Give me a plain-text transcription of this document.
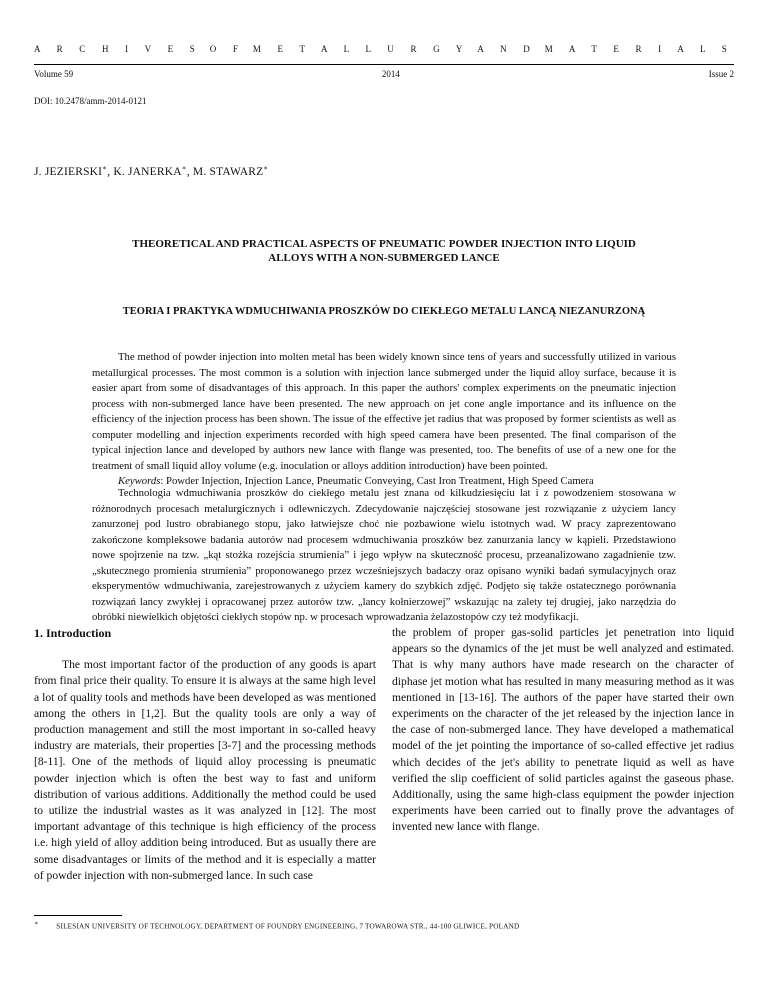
A R C H I V E S O F M E T A L L U R G Y A N D M A T E R I A L S
Volume 59	2014	Issue 2
DOI: 10.2478/amm-2014-0121
J. JEZIERSKI∗, K. JANERKA∗, M. STAWARZ∗
THEORETICAL AND PRACTICAL ASPECTS OF PNEUMATIC POWDER INJECTION INTO LIQUID
ALLOYS WITH A NON-SUBMERGED LANCE
TEORIA I PRAKTYKA WDMUCHIWANIA PROSZKÓW DO CIEKŁEGO METALU LANCĄ NIEZANURZONĄ

The method of powder injection into molten metal has been widely known since tens of years and successfully utilized in various metallurgical processes. The most common is a solution with injection lance submerged under the liquid alloy surface, because it is easier apart from some of disadvantages of this approach. In this paper the authors' complex experiments on the pneumatic injection process with non-submerged lance have been presented. The new approach on jet cone angle importance and its influence on the efficiency of the injection process has been shown. The issue of the effective jet radius that was proposed by former scientists as well as computer modelling and injection experiments recorded with high speed camera have been presented. The final comparison of the typical injection lance and developed by authors new lance with flange was presented, too. The benefits of use of a new one for the treatment of small liquid alloy volume (e.g. inoculation or alloys addition introduction) have been pointed.

Keywords: Powder Injection, Injection Lance, Pneumatic Conveying, Cast Iron Treatment, High Speed Camera

Technologia wdmuchiwania proszków do ciekłego metalu jest znana od kilkudziesięciu lat i z powodzeniem stosowana w różnorodnych procesach metalurgicznych i odlewniczych. Zdecydowanie najczęściej stosowane jest rozwiązanie z użyciem lancy zanurzonej pod lustro obrabianego stopu, jako łatwiejsze choć nie pozbawione wielu istotnych wad. W pracy zaprezentowano zakończone kompleksowe badania autorów nad procesem wdmuchiwania proszków bez zanurzania lancy w kąpieli. Przedstawiono nowe spojrzenie na tzw. „kąt stożka rozejścia strumienia” i jego wpływ na skuteczność procesu, przeanalizowano zagadnienie tzw. „skutecznego promienia strumienia” proponowanego przez wcześniejszych badaczy oraz opisano wyniki badań symulacyjnych oraz eksperymentów wdmuchiwania, zarejestrowanych z użyciem kamery do szybkich zdjęć. Podjęto się także ostatecznego porównania rozwiązań lancy zwykłej i opracowanej przez autorów tzw. „lancy kołnierzowej” wskazując na zalety tej drugiej, jako narzędzia do obróbki niewielkich objętości ciekłych stopów np. w procesach wprowadzania żelazostopów czy też modyfikacji.

1. Introduction

The most important factor of the production of any goods is apart from final price their quality. To ensure it is always at the same high level a lot of quality tools and methods have been developed as was mentioned among the others in [1,2]. But the quality tools are only a way of production management and still the most important in so-called heavy industry are materials, their properties [3-7] and the processing methods [8-11]. One of the methods of liquid alloy processing is pneumatic powder injection which is often the best way to fast and uniform distribution of various additions. Additionally the method could be used to utilize the industrial wastes as it was analyzed in [12]. The most important advantage of this technique is high efficiency of the process i.e. high yield of alloy addition being introduced. But as usually there are some disadvantages or limits of the method and it is especially a matter of powder injection with non-submerged lance. In such case

the problem of proper gas-solid particles jet penetration into liquid appears so the dynamics of the jet must be well analyzed and estimated. That is why many authors have made research on the character of diphase jet motion what has resulted in many measuring method as it was mentioned in [13-16]. The authors of the paper have started their own experiments on the character of the jet released by the injection lance in the case of non-submerged lance. They have developed a mathematical model of the jet pointing the importance of so-called effective jet radius which decides of the jet's ability to penetrate liquid as well as have verified the slip coefficient of solid particles against the gaseous phase. Additionally, using the same high-class equipment the powder injection experiments have been carried out to finally prove the advantages of invented new lance with flange.

∗	SILESIAN UNIVERSITY OF TECHNOLOGY, DEPARTMENT OF FOUNDRY ENGINEERING, 7 TOWAROWA STR., 44-100 GLIWICE, POLAND
